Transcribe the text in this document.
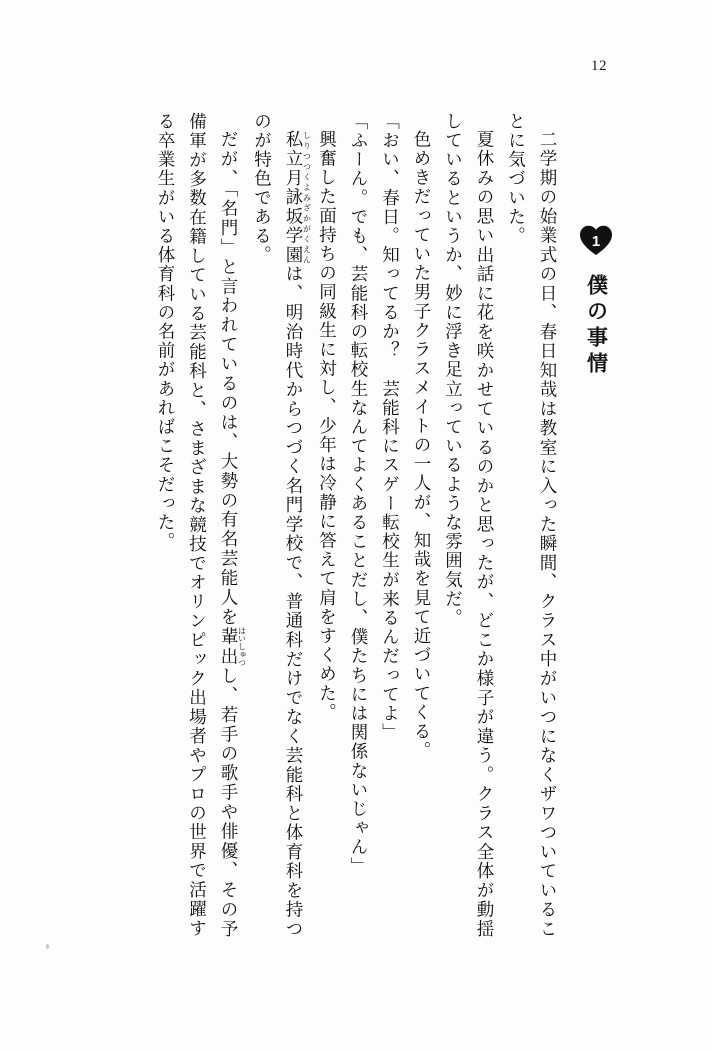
12
1
僕の事情

二学期の始業式の日、春日知哉は教室に入った瞬間、クラス中がいつになくザワついていることに気づいた。

夏休みの思い出話に花を咲かせているのかと思ったが、どこか様子が違う。クラス全体が動揺しているというか、妙に浮き足立っているような雰囲気だ。

色めきだっていた男子クラスメイトの一人が、知哉を見て近づいてくる。

「おい、春日。知ってるか？　芸能科にスゲー転校生が来るんだってよ」

「ふーん。でも、芸能科の転校生なんてよくあることだし、僕たちには関係ないじゃん」

興奮した面持ちの同級生に対し、少年は冷静に答えて肩をすくめた。

私立月詠坂学園しりつつくよみざかがくえんは、明治時代からつづく名門学校で、普通科だけでなく芸能科と体育科を持つのが特色である。

だが、「名門」と言われているのは、大勢の有名芸能人を輩出はいしゅつし、若手の歌手や俳優、その予備軍が多数在籍している芸能科と、さまざまな競技でオリンピック出場者やプロの世界で活躍する卒業生がいる体育科の名前があればこそだった。
